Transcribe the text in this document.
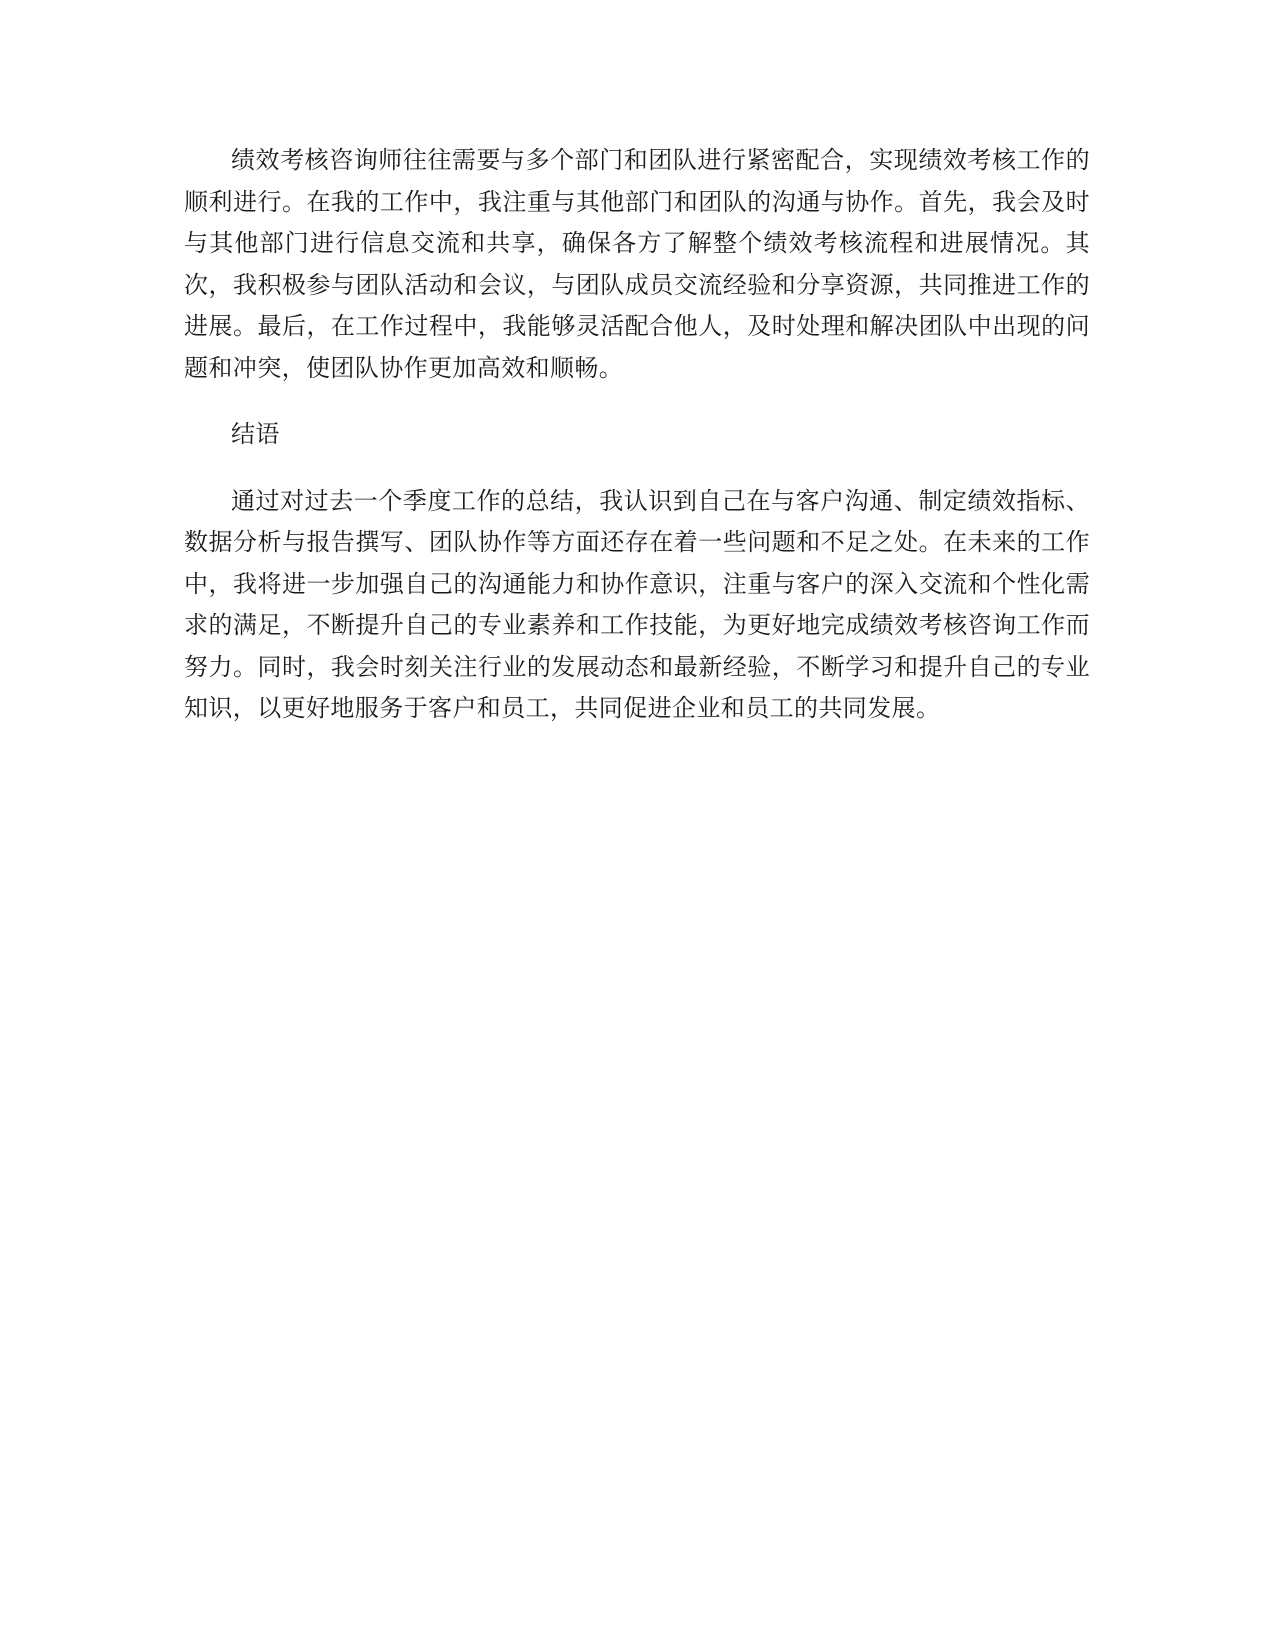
绩效考核咨询师往往需要与多个部门和团队进行紧密配合，实现绩效考核工作的顺利进行。在我的工作中，我注重与其他部门和团队的沟通与协作。首先，我会及时与其他部门进行信息交流和共享，确保各方了解整个绩效考核流程和进展情况。其次，我积极参与团队活动和会议，与团队成员交流经验和分享资源，共同推进工作的进展。最后，在工作过程中，我能够灵活配合他人，及时处理和解决团队中出现的问题和冲突，使团队协作更加高效和顺畅。

结语

通过对过去一个季度工作的总结，我认识到自己在与客户沟通、制定绩效指标、数据分析与报告撰写、团队协作等方面还存在着一些问题和不足之处。在未来的工作中，我将进一步加强自己的沟通能力和协作意识，注重与客户的深入交流和个性化需求的满足，不断提升自己的专业素养和工作技能，为更好地完成绩效考核咨询工作而努力。同时，我会时刻关注行业的发展动态和最新经验，不断学习和提升自己的专业知识，以更好地服务于客户和员工，共同促进企业和员工的共同发展。
